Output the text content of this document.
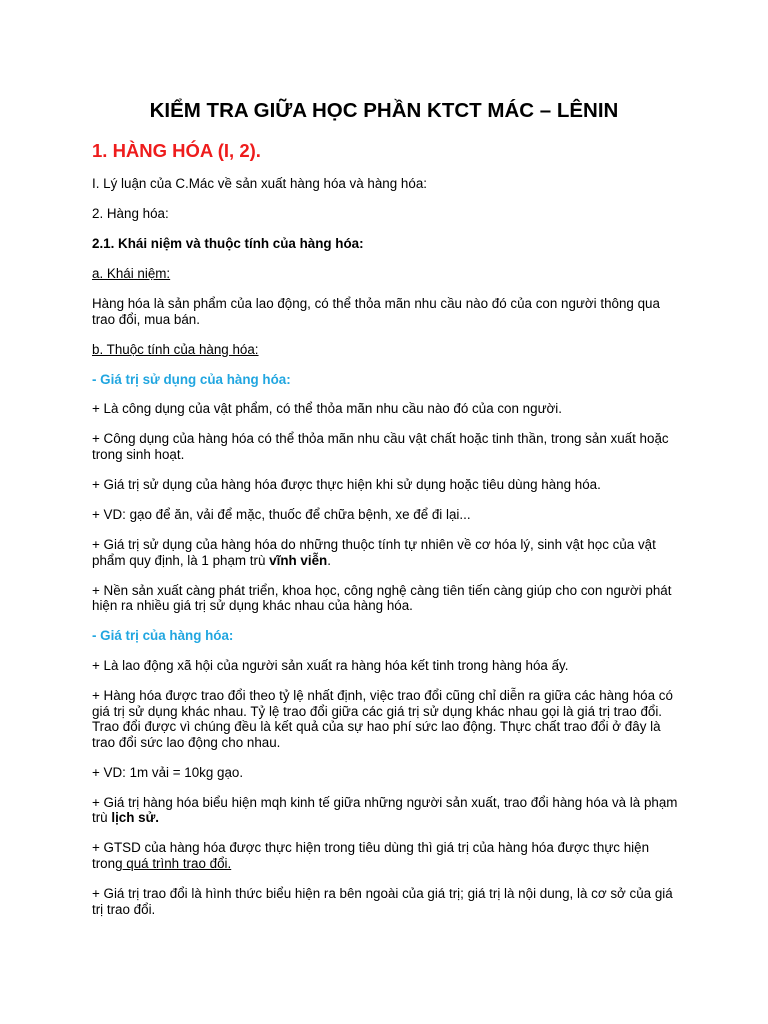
KIỂM TRA GIỮA HỌC PHẦN KTCT MÁC – LÊNIN
1. HÀNG HÓA (I, 2).

I. Lý luận của C.Mác về sản xuất hàng hóa và hàng hóa:

2. Hàng hóa:

2.1. Khái niệm và thuộc tính của hàng hóa:

a. Khái niệm:

Hàng hóa là sản phẩm của lao động, có thể thỏa mãn nhu cầu nào đó của con người thông qua trao đổi, mua bán.

b. Thuộc tính của hàng hóa:

- Giá trị sử dụng của hàng hóa:

+ Là công dụng của vật phẩm, có thể thỏa mãn nhu cầu nào đó của con người.

+ Công dụng của hàng hóa có thể thỏa mãn nhu cầu vật chất hoặc tinh thần, trong sản xuất hoặc trong sinh hoạt.

+ Giá trị sử dụng của hàng hóa được thực hiện khi sử dụng hoặc tiêu dùng hàng hóa.

+ VD: gạo để ăn, vải để mặc, thuốc để chữa bệnh, xe để đi lại...

+ Giá trị sử dụng của hàng hóa do những thuộc tính tự nhiên về cơ hóa lý, sinh vật học của vật phẩm quy định, là 1 phạm trù vĩnh viễn.

+ Nền sản xuất càng phát triển, khoa học, công nghệ càng tiên tiến càng giúp cho con người phát hiện ra nhiều giá trị sử dụng khác nhau của hàng hóa.

- Giá trị của hàng hóa:

+ Là lao động xã hội của người sản xuất ra hàng hóa kết tinh trong hàng hóa ấy.

+ Hàng hóa được trao đổi theo tỷ lệ nhất định, việc trao đổi cũng chỉ diễn ra giữa các hàng hóa có giá trị sử dụng khác nhau. Tỷ lệ trao đổi giữa các giá trị sử dụng khác nhau gọi là giá trị trao đổi. Trao đổi được vì chúng đều là kết quả của sự hao phí sức lao động. Thực chất trao đổi ở đây là trao đổi sức lao động cho nhau.

+ VD: 1m vải = 10kg gạo.

+ Giá trị hàng hóa biểu hiện mqh kinh tế giữa những người sản xuất, trao đổi hàng hóa và là phạm trù lịch sử.

+ GTSD của hàng hóa được thực hiện trong tiêu dùng thì giá trị của hàng hóa được thực hiện trong quá trình trao đổi.

+ Giá trị trao đổi là hình thức biểu hiện ra bên ngoài của giá trị; giá trị là nội dung, là cơ sở của giá trị trao đổi.
